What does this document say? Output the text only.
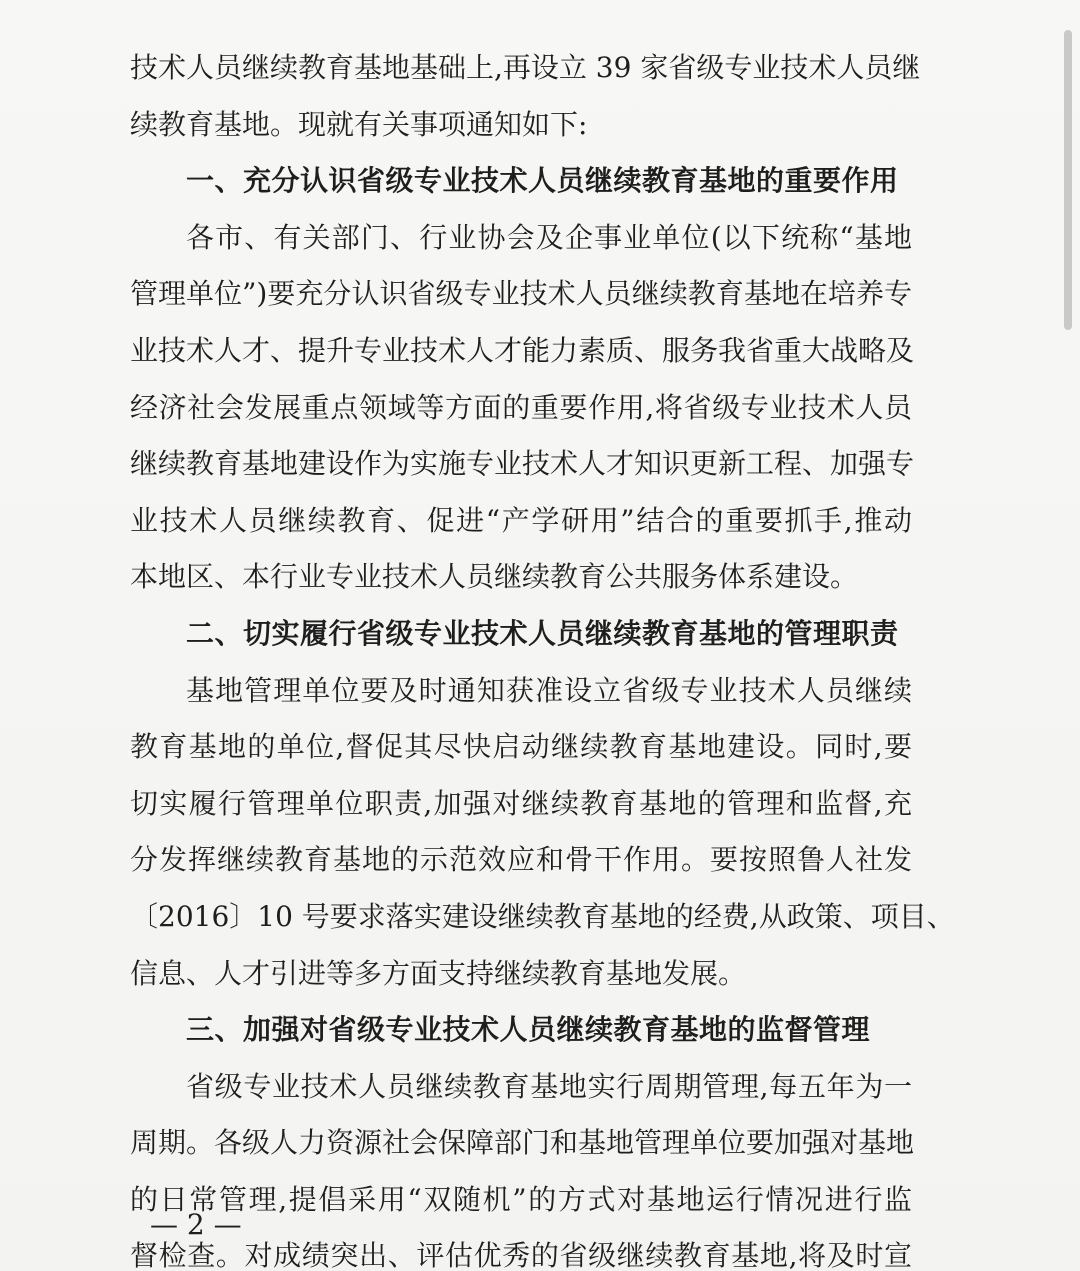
技术人员继续教育基地基础上,再设立 39 家省级专业技术人员继
续教育基地。现就有关事项通知如下:
一、充分认识省级专业技术人员继续教育基地的重要作用
各市、有关部门、行业协会及企事业单位(以下统称“基地
管理单位”)要充分认识省级专业技术人员继续教育基地在培养专
业技术人才、提升专业技术人才能力素质、服务我省重大战略及
经济社会发展重点领域等方面的重要作用,将省级专业技术人员
继续教育基地建设作为实施专业技术人才知识更新工程、加强专
业技术人员继续教育、促进“产学研用”结合的重要抓手,推动
本地区、本行业专业技术人员继续教育公共服务体系建设。
二、切实履行省级专业技术人员继续教育基地的管理职责
基地管理单位要及时通知获准设立省级专业技术人员继续
教育基地的单位,督促其尽快启动继续教育基地建设。同时,要
切实履行管理单位职责,加强对继续教育基地的管理和监督,充
分发挥继续教育基地的示范效应和骨干作用。要按照鲁人社发
〔2016〕10 号要求落实建设继续教育基地的经费,从政策、项目、
信息、人才引进等多方面支持继续教育基地发展。
三、加强对省级专业技术人员继续教育基地的监督管理
省级专业技术人员继续教育基地实行周期管理,每五年为一
周期。各级人力资源社会保障部门和基地管理单位要加强对基地
的日常管理,提倡采用“双随机”的方式对基地运行情况进行监
督检查。对成绩突出、评估优秀的省级继续教育基地,将及时宣
— 2 —
